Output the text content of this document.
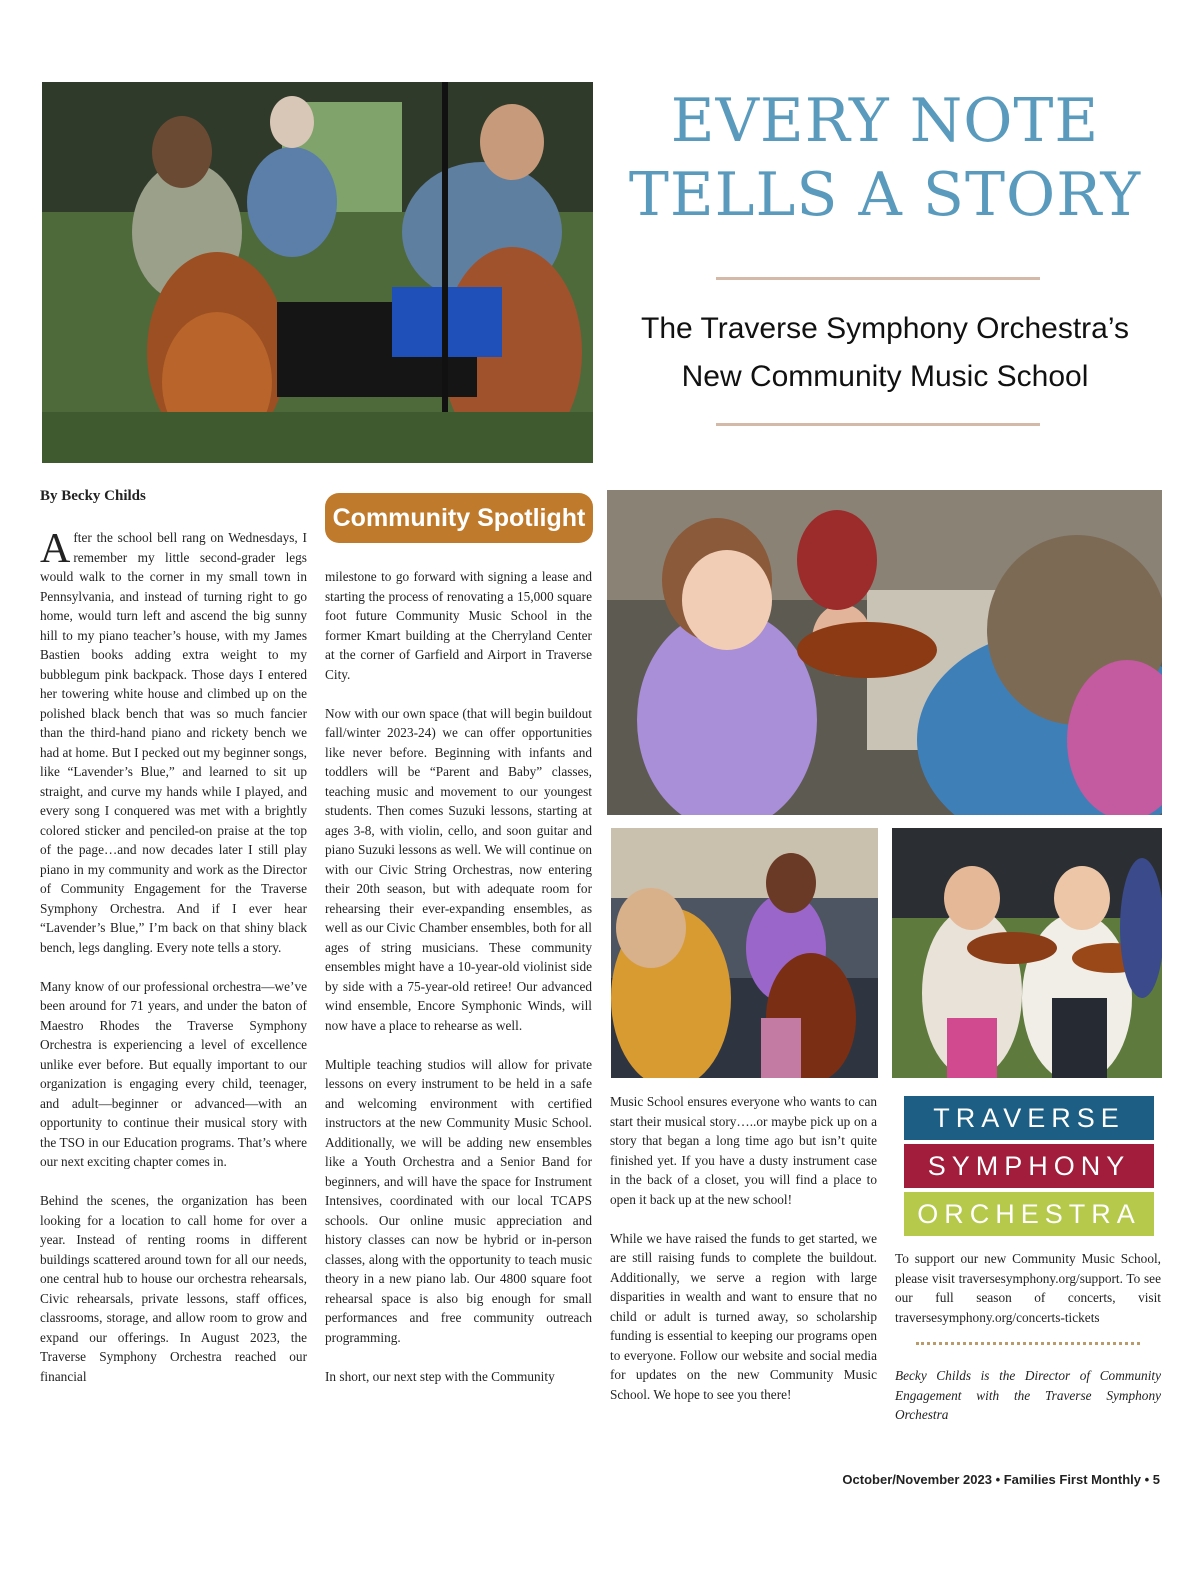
EVERY NOTE
TELLS A STORY
The Traverse Symphony Orchestra’s
New Community Music School
By Becky Childs
Community Spotlight

After the school bell rang on Wednesdays, I remember my little second-grader legs would walk to the corner in my small town in Pennsylvania, and instead of turning right to go home, would turn left and ascend the big sunny hill to my piano teacher’s house, with my James Bastien books adding extra weight to my bubblegum pink backpack. Those days I entered her towering white house and climbed up on the polished black bench that was so much fancier than the third-hand piano and rickety bench we had at home. But I pecked out my beginner songs, like “Lavender’s Blue,” and learned to sit up straight, and curve my hands while I played, and every song I conquered was met with a brightly colored sticker and penciled-on praise at the top of the page…and now decades later I still play piano in my community and work as the Director of Community Engagement for the Traverse Symphony Orchestra. And if I ever hear “Lavender’s Blue,” I’m back on that shiny black bench, legs dangling. Every note tells a story.

Many know of our professional orchestra—we’ve been around for 71 years, and under the baton of Maestro Rhodes the Traverse Symphony Orchestra is experiencing a level of excellence unlike ever before. But equally important to our organization is engaging every child, teenager, and adult—beginner or advanced—with an opportunity to continue their musical story with the TSO in our Education programs. That’s where our next exciting chapter comes in.

Behind the scenes, the organization has been looking for a location to call home for over a year. Instead of renting rooms in different buildings scattered around town for all our needs, one central hub to house our orchestra rehearsals, Civic rehearsals, private lessons, staff offices, classrooms, storage, and allow room to grow and expand our offerings. In August 2023, the Traverse Symphony Orchestra reached our financial

milestone to go forward with signing a lease and starting the process of renovating a 15,000 square foot future Community Music School in the former Kmart building at the Cherryland Center at the corner of Garfield and Airport in Traverse City.

Now with our own space (that will begin buildout fall/winter 2023-24) we can offer opportunities like never before. Beginning with infants and toddlers will be “Parent and Baby” classes, teaching music and movement to our youngest students. Then comes Suzuki lessons, starting at ages 3-8, with violin, cello, and soon guitar and piano Suzuki lessons as well. We will continue on with our Civic String Orchestras, now entering their 20th season, but with adequate room for rehearsing their ever-expanding ensembles, as well as our Civic Chamber ensembles, both for all ages of string musicians. These community ensembles might have a 10-year-old violinist side by side with a 75-year-old retiree! Our advanced wind ensemble, Encore Symphonic Winds, will now have a place to rehearse as well.

Multiple teaching studios will allow for private lessons on every instrument to be held in a safe and welcoming environment with certified instructors at the new Community Music School. Additionally, we will be adding new ensembles like a Youth Orchestra and a Senior Band for beginners, and will have the space for Instrument Intensives, coordinated with our local TCAPS schools. Our online music appreciation and history classes can now be hybrid or in-person classes, along with the opportunity to teach music theory in a new piano lab. Our 4800 square foot rehearsal space is also big enough for small performances and free community outreach programming.

In short, our next step with the Community

Music School ensures everyone who wants to can start their musical story…..or maybe pick up on a story that began a long time ago but isn’t quite finished yet. If you have a dusty instrument case in the back of a closet, you will find a place to open it back up at the new school!

While we have raised the funds to get started, we are still raising funds to complete the buildout. Additionally, we serve a region with large disparities in wealth and want to ensure that no child or adult is turned away, so scholarship funding is essential to keeping our programs open to everyone. Follow our website and social media for updates on the new Community Music School. We hope to see you there!

TRAVERSE
SYMPHONY
ORCHESTRA
To support our new Community Music School, please visit traversesymphony.org/support. To see our full season of concerts, visit traversesymphony.org/concerts-tickets
Becky Childs is the Director of Community Engagement with the Traverse Symphony Orchestra
October/November 2023 • Families First Monthly • 5
